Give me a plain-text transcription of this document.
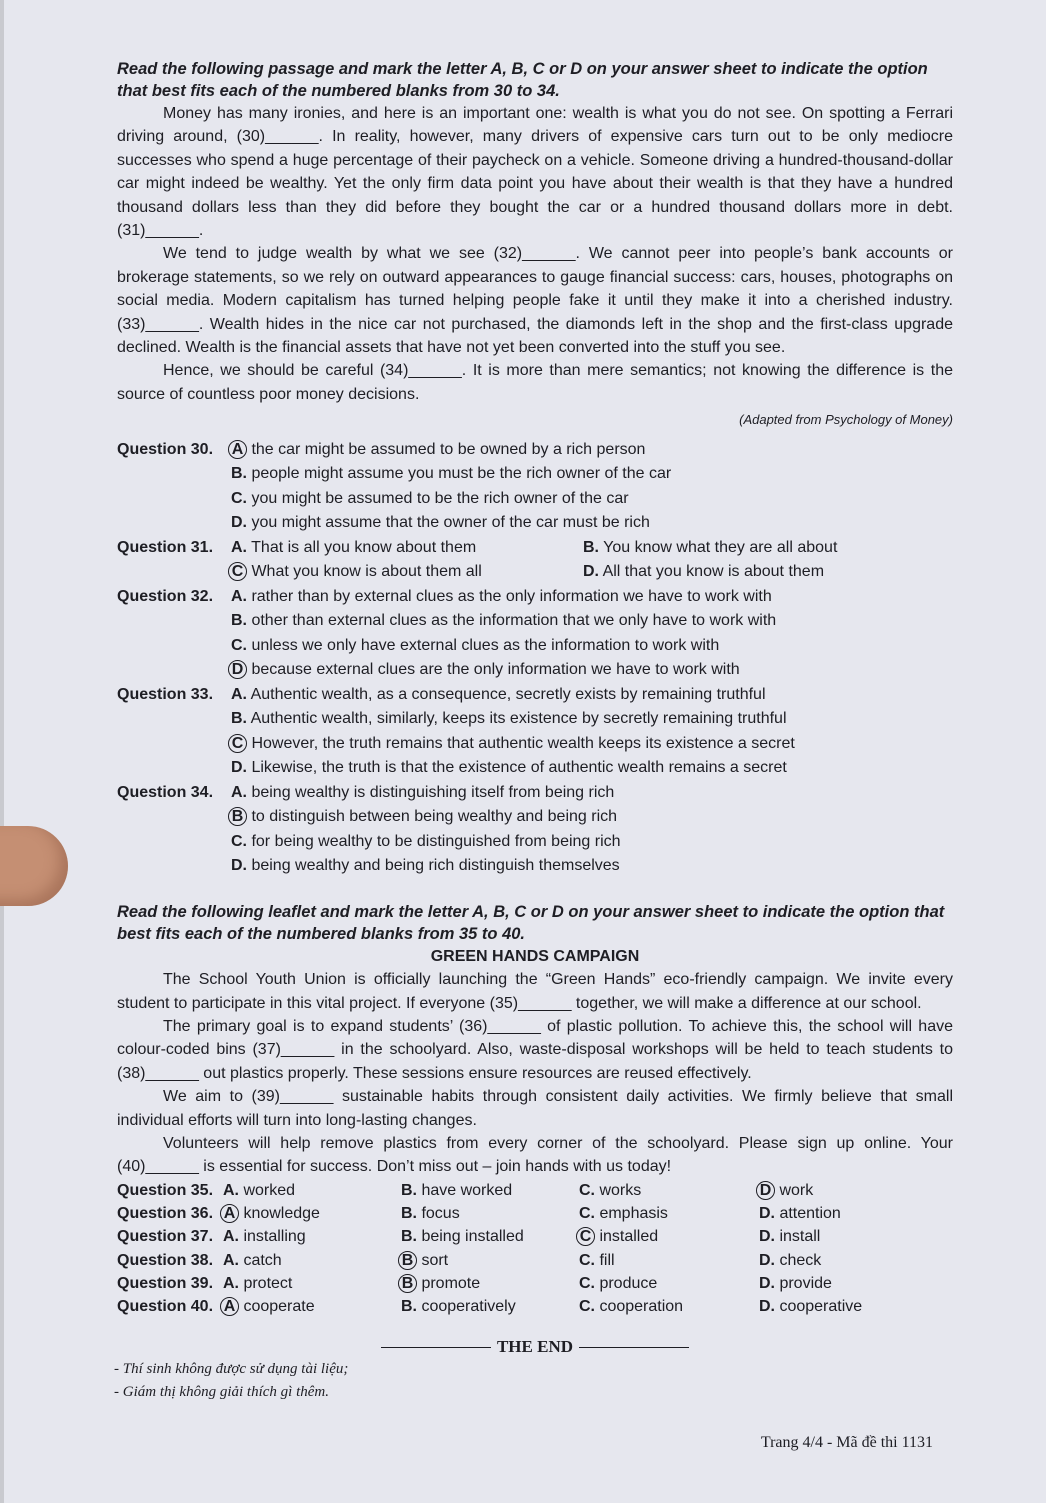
Read the following passage and mark the letter A, B, C or D on your answer sheet to indicate the option that best fits each of the numbered blanks from 30 to 34.

Money has many ironies, and here is an important one: wealth is what you do not see. On spotting a Ferrari driving around, (30)______. In reality, however, many drivers of expensive cars turn out to be only mediocre successes who spend a huge percentage of their paycheck on a vehicle. Someone driving a hundred-thousand-dollar car might indeed be wealthy. Yet the only firm data point you have about their wealth is that they have a hundred thousand dollars less than they did before they bought the car or a hundred thousand dollars more in debt. (31)______.

We tend to judge wealth by what we see (32)______. We cannot peer into people’s bank accounts or brokerage statements, so we rely on outward appearances to gauge financial success: cars, houses, photographs on social media. Modern capitalism has turned helping people fake it until they make it into a cherished industry. (33)______. Wealth hides in the nice car not purchased, the diamonds left in the shop and the first-class upgrade declined. Wealth is the financial assets that have not yet been converted into the stuff you see.

Hence, we should be careful (34)______. It is more than mere semantics; not knowing the difference is the source of countless poor money decisions.

(Adapted from Psychology of Money)
Question 30. A the car might be assumed to be owned by a rich person
B. people might assume you must be the rich owner of the car
C. you might be assumed to be the rich owner of the car
D. you might assume that the owner of the car must be rich
Question 31. A. That is all you know about them	B. You know what they are all about
C What you know is about them all	D. All that you know is about them
Question 32. A. rather than by external clues as the only information we have to work with
B. other than external clues as the information that we only have to work with
C. unless we only have external clues as the information to work with
D because external clues are the only information we have to work with
Question 33. A. Authentic wealth, as a consequence, secretly exists by remaining truthful
B. Authentic wealth, similarly, keeps its existence by secretly remaining truthful
C However, the truth remains that authentic wealth keeps its existence a secret
D. Likewise, the truth is that the existence of authentic wealth remains a secret
Question 34. A. being wealthy is distinguishing itself from being rich
B to distinguish between being wealthy and being rich
C. for being wealthy to be distinguished from being rich
D. being wealthy and being rich distinguish themselves

Read the following leaflet and mark the letter A, B, C or D on your answer sheet to indicate the option that best fits each of the numbered blanks from 35 to 40.

GREEN HANDS CAMPAIGN

The School Youth Union is officially launching the “Green Hands” eco-friendly campaign. We invite every student to participate in this vital project. If everyone (35)______ together, we will make a difference at our school.

The primary goal is to expand students’ (36)______ of plastic pollution. To achieve this, the school will have colour-coded bins (37)______ in the schoolyard. Also, waste-disposal workshops will be held to teach students to (38)______ out plastics properly. These sessions ensure resources are reused effectively.

We aim to (39)______ sustainable habits through consistent daily activities. We firmly believe that small individual efforts will turn into long-lasting changes.

Volunteers will help remove plastics from every corner of the schoolyard. Please sign up online. Your (40)______ is essential for success. Don’t miss out – join hands with us today!

Question 35. A. worked	B. have worked	C. works	D work
Question 36. A knowledge	B. focus	C. emphasis	D. attention
Question 37. A. installing	B. being installed	C installed	D. install
Question 38. A. catch	B sort	C. fill	D. check
Question 39. A. protect	B promote	C. produce	D. provide
Question 40. A cooperate	B. cooperatively	C. cooperation	D. cooperative
THE END
- Thí sinh không được sử dụng tài liệu;
- Giám thị không giải thích gì thêm.
Trang 4/4 - Mã đề thi 1131
